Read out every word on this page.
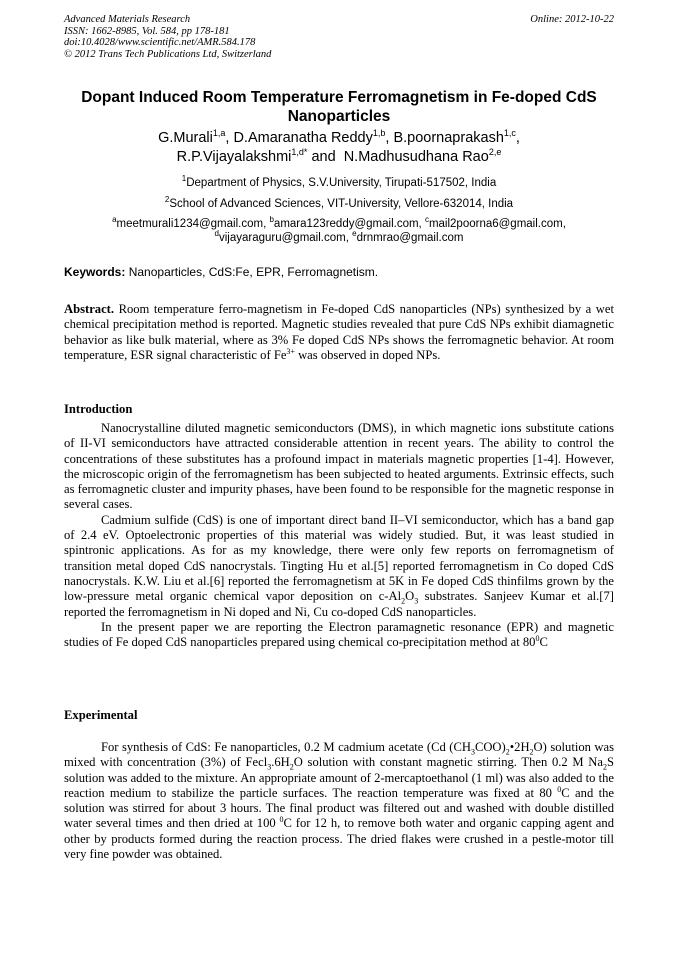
Advanced Materials Research
ISSN: 1662-8985, Vol. 584, pp 178-181
doi:10.4028/www.scientific.net/AMR.584.178
© 2012 Trans Tech Publications Ltd, Switzerland
Online: 2012-10-22
Dopant Induced Room Temperature Ferromagnetism in Fe-doped CdS
Nanoparticles
G.Murali$^{1,a}$, D.Amaranatha Reddy$^{1,b}$, B.poornaprakash$^{1,c}$,
R.P.Vijayalakshmi$^{1,d*}$ and N.Madhusudhana Rao$^{2,e}$
$^1$Department of Physics, S.V.University, Tirupati-517502, India
$^2$School of Advanced Sciences, VIT-University, Vellore-632014, India
$^a$meetmurali1234@gmail.com, $^b$amara123reddy@gmail.com, $^c$mail2poorna6@gmail.com,
$^d$vijayaraguru@gmail.com, $^e$drnmrao@gmail.com
Keywords: Nanoparticles, CdS:Fe, EPR, Ferromagnetism.

Abstract. Room temperature ferro-magnetism in Fe-doped CdS nanoparticles (NPs) synthesized by a wet chemical precipitation method is reported. Magnetic studies revealed that pure CdS NPs exhibit diamagnetic behavior as like bulk material, where as 3% Fe doped CdS NPs shows the ferromagnetic behavior. At room temperature, ESR signal characteristic of $Fe^{3+}$ was observed in doped NPs.

Introduction

Nanocrystalline diluted magnetic semiconductors (DMS), in which magnetic ions substitute cations of II-VI semiconductors have attracted considerable attention in recent years. The ability to control the concentrations of these substitutes has a profound impact in materials magnetic properties [1-4]. However, the microscopic origin of the ferromagnetism has been subjected to heated arguments. Extrinsic effects, such as ferromagnetic cluster and impurity phases, have been found to be responsible for the magnetic response in several cases.

Cadmium sulfide (CdS) is one of important direct band II–VI semiconductor, which has a band gap of 2.4 eV. Optoelectronic properties of this material was widely studied. But, it was least studied in spintronic applications. As for as my knowledge, there were only few reports on ferromagnetism of transition metal doped CdS nanocrystals. Tingting Hu et al.[5] reported ferromagnetism in Co doped CdS nanocrystals. K.W. Liu et al.[6] reported the ferromagnetism at 5K in Fe doped CdS thinfilms grown by the low-pressure metal organic chemical vapor deposition on $c-Al_2O_3$ substrates. Sanjeev Kumar et al.[7] reported the ferromagnetism in Ni doped and Ni, Cu co-doped CdS nanoparticles.

In the present paper we are reporting the Electron paramagnetic resonance (EPR) and magnetic studies of Fe doped CdS nanoparticles prepared using chemical co-precipitation method at $80^0C$

Experimental

For synthesis of CdS: Fe nanoparticles, 0.2 M cadmium acetate (Cd $(CH_3COO)_2•2H_2O$) solution was mixed with concentration (3%) of $Fecl_3.6H_2O$ solution with constant magnetic stirring. Then 0.2 M $Na_2S$ solution was added to the mixture. An appropriate amount of 2-mercaptoethanol (1 ml) was also added to the reaction medium to stabilize the particle surfaces. The reaction temperature was fixed at 80 $^0$C and the solution was stirred for about 3 hours. The final product was filtered out and washed with double distilled water several times and then dried at 100 $^0$C for 12 h, to remove both water and organic capping agent and other by products formed during the reaction process. The dried flakes were crushed in a pestle-motor till very fine powder was obtained.
